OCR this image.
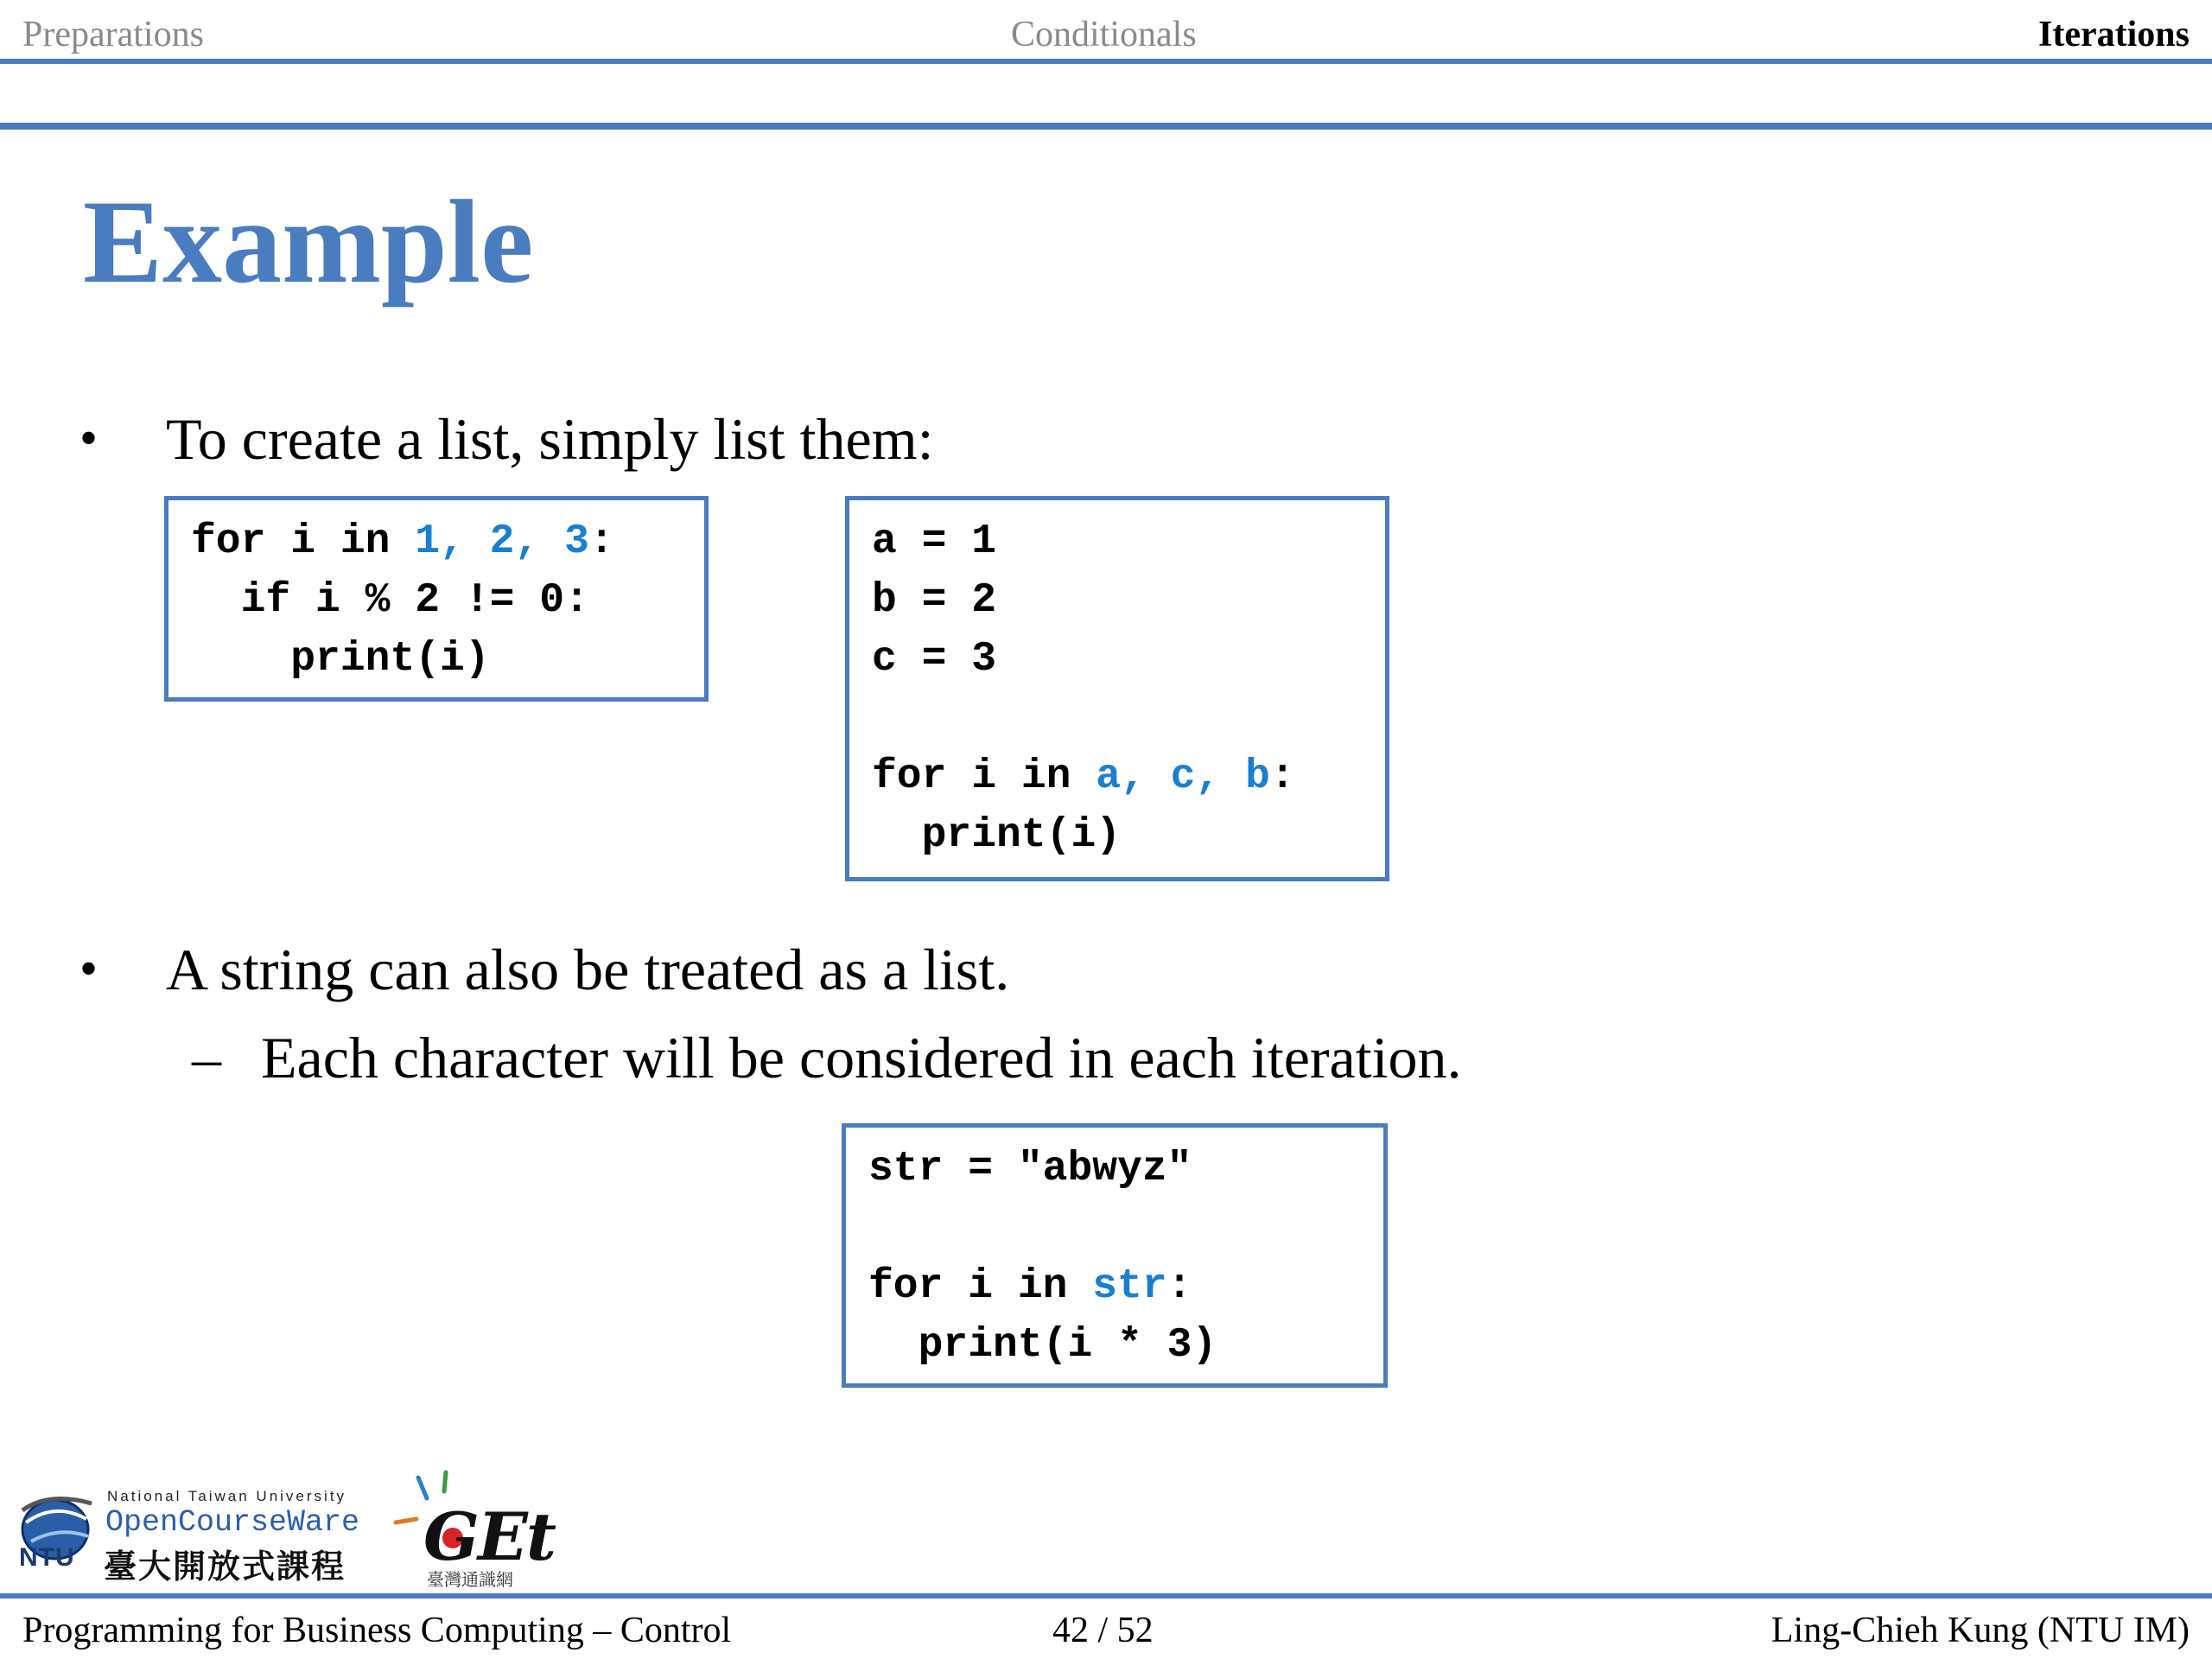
Preparations	Conditionals	Iterations
Example
• To create a list, simply list them:
for i in 1, 2, 3:
if i % 2 != 0:
print(i)
a = 1
b = 2
c = 3

for i in a, c, b:
print(i)
• A string can also be treated as a list.
– Each character will be considered in each iteration.
str = "abwyz"

for i in str:
print(i * 3)
NTU
National Taiwan University
OpenCourseWare
臺大開放式課程 GEt
臺灣通識網
Programming for Business Computing – Control	42 / 52	Ling-Chieh Kung (NTU IM)
